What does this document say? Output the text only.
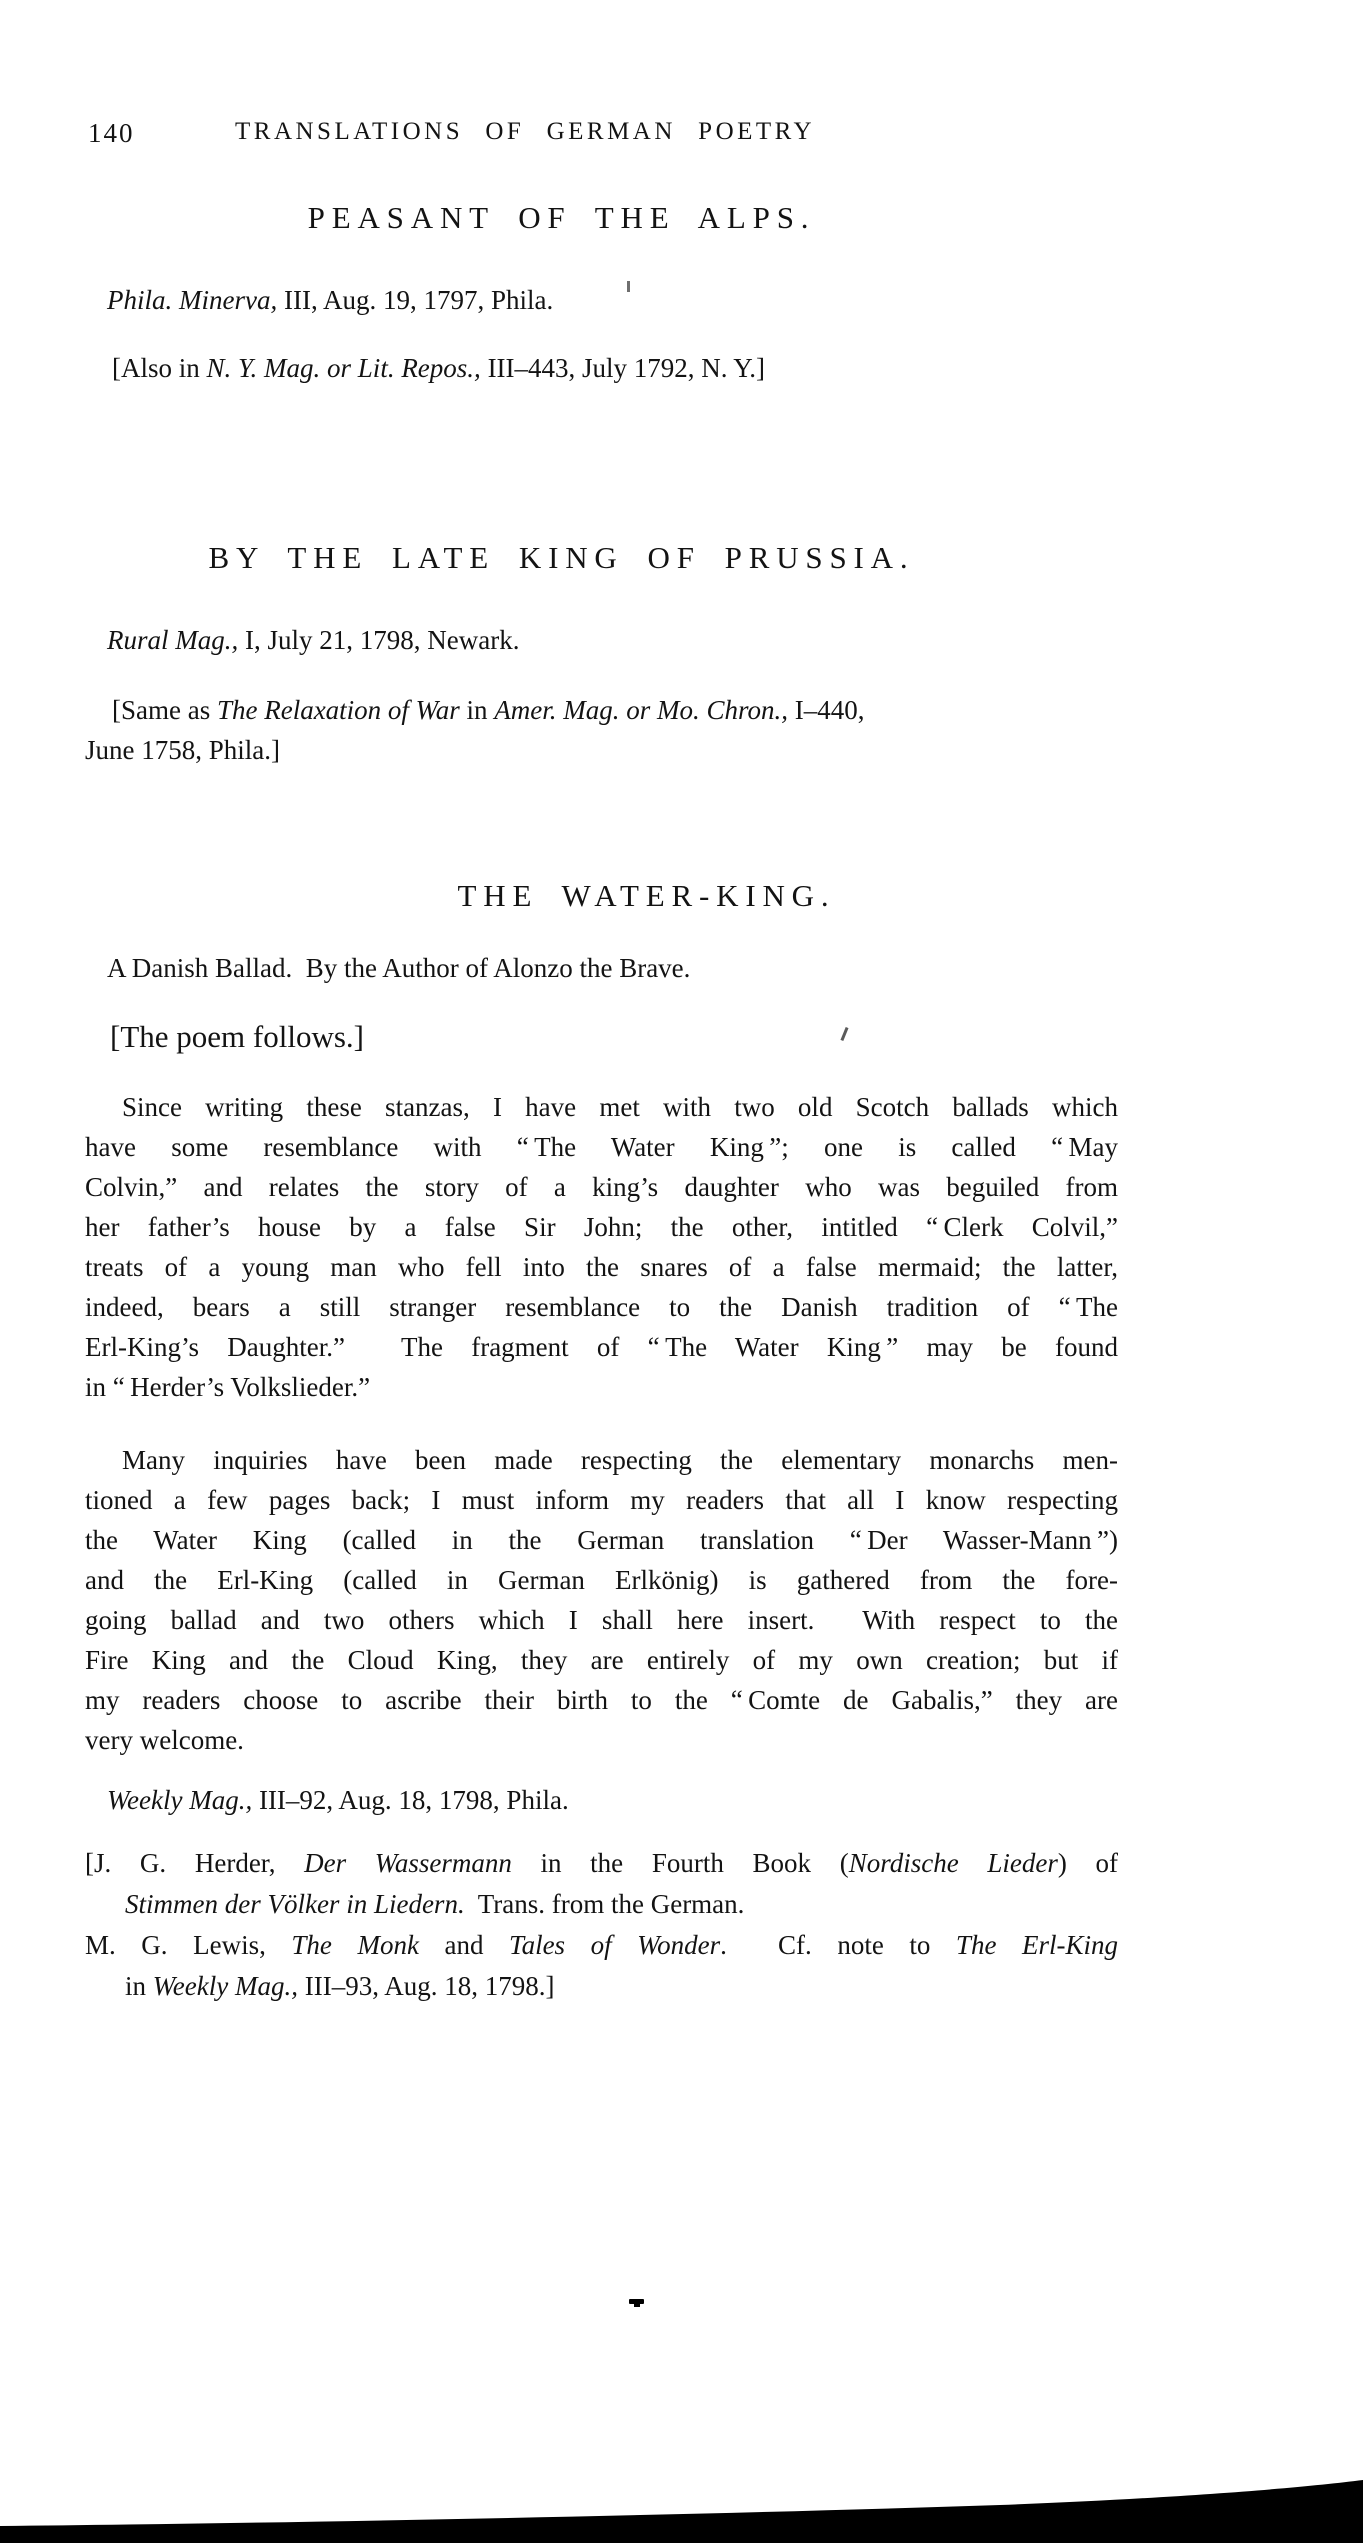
140	TRANSLATIONS OF GERMAN POETRY
PEASANT OF THE ALPS.
Phila. Minerva, III, Aug. 19, 1797, Phila.
[Also in N. Y. Mag. or Lit. Repos., III–443, July 1792, N. Y.]
BY THE LATE KING OF PRUSSIA.
Rural Mag., I, July 21, 1798, Newark.
[Same as The Relaxation of War in Amer. Mag. or Mo. Chron., I–440,
June 1758, Phila.]
THE WATER-KING.
A Danish Ballad.  By the Author of Alonzo the Brave.
[The poem follows.]
Since writing these stanzas, I have met with two old Scotch ballads which
have some resemblance with “ The Water King ”; one is called “ May
Colvin,” and relates the story of a king’s daughter who was beguiled from
her father’s house by a false Sir John; the other, intitled “ Clerk Colvil,”
treats of a young man who fell into the snares of a false mermaid; the latter,
indeed, bears a still stranger resemblance to the Danish tradition of “ The
Erl-King’s Daughter.”  The fragment of “ The Water King ” may be found
in “ Herder’s Volkslieder.”
Many inquiries have been made respecting the elementary monarchs men-
tioned a few pages back; I must inform my readers that all I know respecting
the Water King (called in the German translation “ Der Wasser-Mann ”)
and the Erl-King (called in German Erlkönig) is gathered from the fore-
going ballad and two others which I shall here insert.  With respect to the
Fire King and the Cloud King, they are entirely of my own creation; but if
my readers choose to ascribe their birth to the “ Comte de Gabalis,” they are
very welcome.
Weekly Mag., III–92, Aug. 18, 1798, Phila.
[J. G. Herder, Der Wassermann in the Fourth Book (Nordische Lieder) of
Stimmen der Völker in Liedern.  Trans. from the German.
M. G. Lewis, The Monk and Tales of Wonder.  Cf. note to The Erl-King
in Weekly Mag., III–93, Aug. 18, 1798.]
